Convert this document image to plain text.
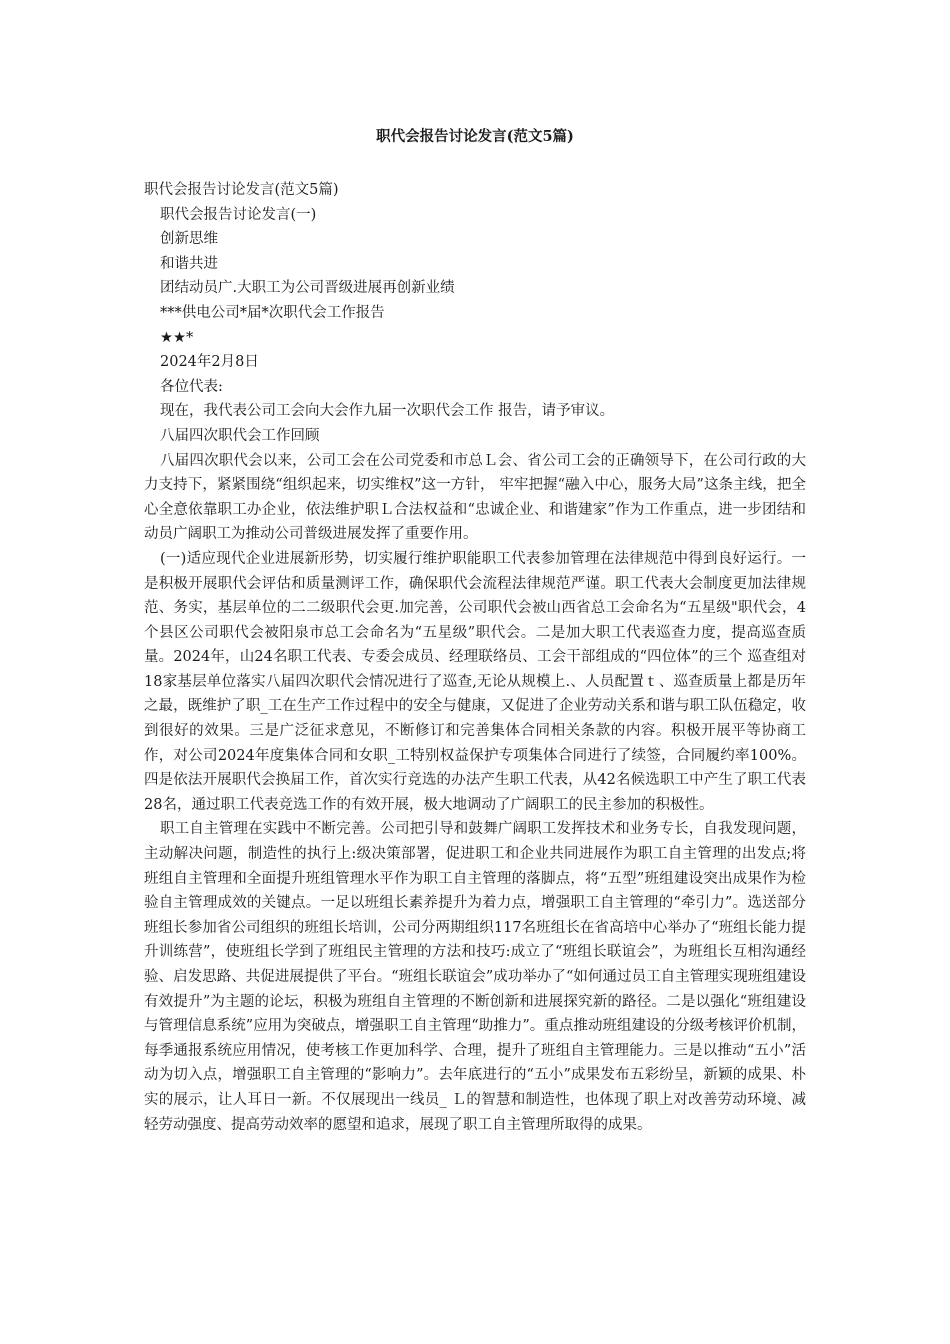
职代会报告讨论发言(范文5篇)

职代会报告讨论发言(范文5篇)

职代会报告讨论发言(一)

创新思维

和谐共进

团结动员广.大职工为公司晋级进展再创新业绩

***供电公司*届*次职代会工作报告

★★*

2024年2月8日

各位代表:

现在，我代表公司工会向大会作九届一次职代会工作 报告，请予审议。

八届四次职代会工作回顾

八届四次职代会以来，公司工会在公司党委和市总Ｌ会、省公司工会的正确领导下，在公司行政的大力支持下，紧紧围绕“组织起来，切实维权”这一方针， 牢牢把握“融入中心，服务大局”这条主线，把全心全意依靠职工办企业，依法维护职Ｌ合法权益和“忠诚企业、和谐建家”作为工作重点，进一步团结和动员广阔职工为推动公司普级进展发挥了重要作用。

(一)适应现代企业进展新形势，切实履行维护职能职工代表参加管理在法律规范中得到良好运行。一是积极开展职代会评估和质量测评工作，确保职代会流程法律规范严谨。职工代表大会制度更加法律规范、务实，基层单位的二二级职代会更.加完善，公司职代会被山西省总工会命名为“五星级"职代会，4个县区公司职代会被阳泉市总工会命名为“五星级”职代会。二是加大职工代表巡查力度，提高巡查质量。2024年，山24名职工代表、专委会成员、经理联络员、工会干部组成的“四位体”的三个 巡查组对18家基层单位落实八届四次职代会情况进行了巡查,无论从规模上.、人员配置ｔ、巡查质量上都是历年之最，既维护了职_工在生产工作过程中的安全与健康，又促进了企业劳动关系和谐与职工队伍稳定，收到很好的效果。三是广泛征求意见，不断修订和完善集体合同相关条款的内容。积极开展平等协商工作，对公司2024年度集体合同和女职_工特别权益保护专项集体合同进行了续签，合同履约率100%。四是依法开展职代会换届工作，首次实行竞选的办法产生职工代表，从42名候选职工中产生了职工代表28名，通过职工代表竞选工作的有效开展，极大地调动了广阔职工的民主参加的积极性。

职工自主管理在实践中不断完善。公司把引导和鼓舞广阔职工发挥技术和业务专长，自我发现问题，主动解决问题，制造性的执行上:级决策部署，促进职工和企业共同进展作为职工自主管理的出发点;将班组自主管理和全面提升班组管理水平作为职工自主管理的落脚点，将“五型”班组建设突出成果作为检验自主管理成效的关键点。一足以班组长素养提升为着力点，增强职工自主管理的“牵引力”。选送部分班组长参加省公司组织的班组长培训，公司分两期组织117名班组长在省高培中心举办了“班组长能力提升训练营”，使班组长学到了班组民主管理的方法和技巧:成立了“班组长联谊会”，为班组长互相沟通经验、启发思路、共促进展提供了平台。“班组长联谊会”成功举办了“如何通过员工自主管理实现班组建设有效提升”为主题的论坛，积极为班组自主管理的不断创新和进展探究新的路径。二是以强化“班组建设与管理信息系统”应用为突破点，增强职工自主管理“助推力”。重点推动班组建设的分级考核评价机制，每季通报系统应用情况，使考核工作更加科学、合理，提升了班组自主管理能力。三是以推动“五小”活动为切入点，增强职工自主管理的“影响力”。去年底进行的“五小”成果发布五彩纷呈，新颖的成果、朴实的展示，让人耳日一新。不仅展现出一线员_ Ｌ的智慧和制造性，也体现了职上对改善劳动环境、减轻劳动强度、提高劳动效率的愿望和追求，展现了职工自主管理所取得的成果。
